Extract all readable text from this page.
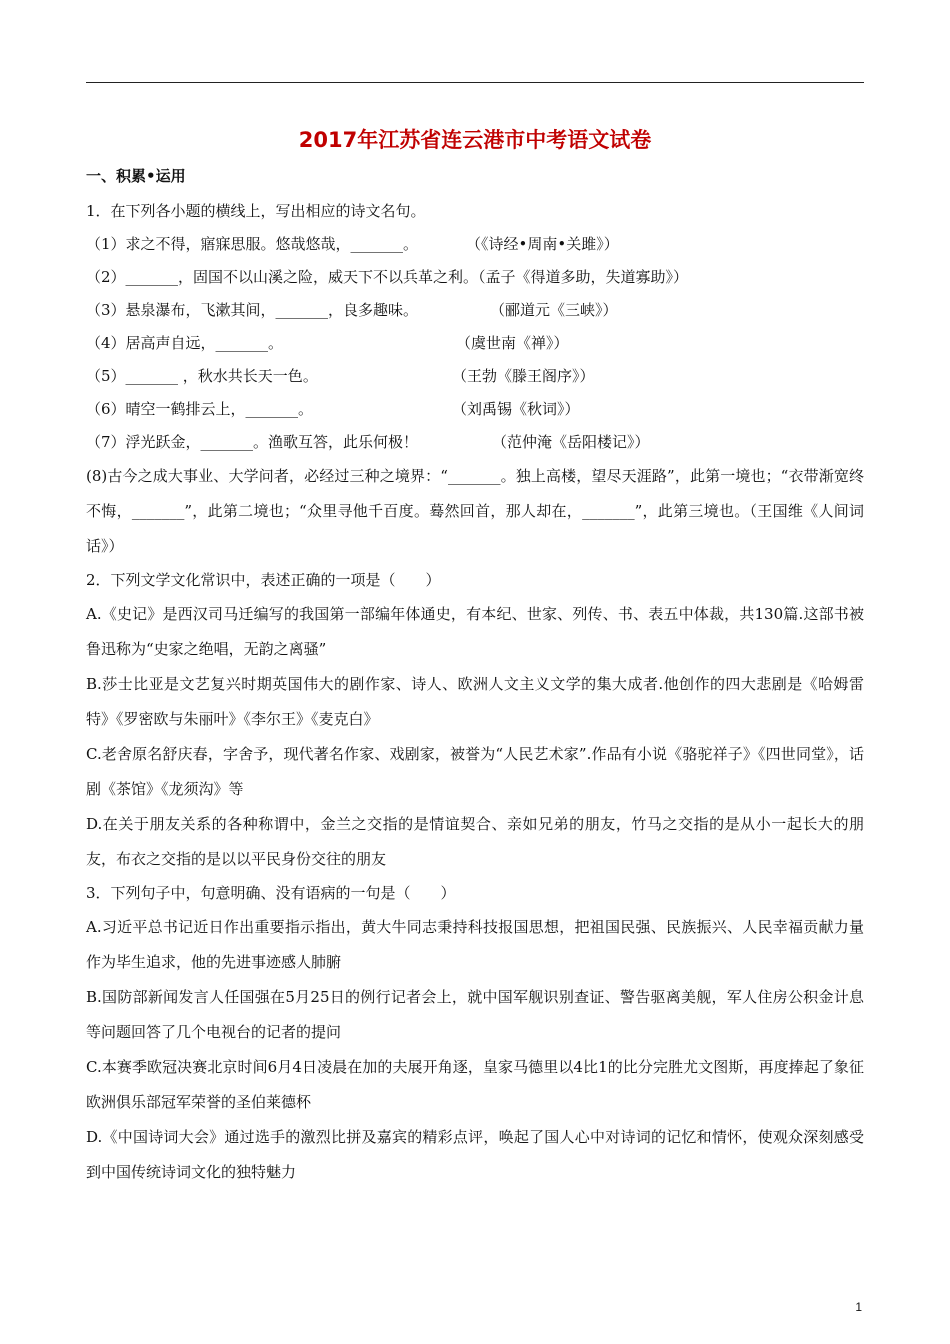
2017年江苏省连云港市中考语文试卷
一、积累•运用
1．在下列各小题的横线上，写出相应的诗文名句。
（1）求之不得，寤寐思服。悠哉悠哉，_______。	（《诗经•周南•关雎》）
（2）_______，固国不以山溪之险，威天下不以兵革之利。（孟子《得道多助，失道寡助》）
（3）悬泉瀑布，飞漱其间，_______，良多趣味。	（郦道元《三峡》）
（4）居高声自远，_______。	（虞世南《禅》）
（5）_______ ，秋水共长天一色。	（王勃《滕王阁序》）
（6）晴空一鹤排云上，_______。	（刘禹锡《秋词》）
（7）浮光跃金，_______。渔歌互答，此乐何极！	（范仲淹《岳阳楼记》）

(8)古今之成大事业、大学问者，必经过三种之境界：“_______。独上高楼，望尽天涯路”，此第一境也；“衣带渐宽终不悔，_______”，此第二境也；“众里寻他千百度。蓦然回首，那人却在，_______”，此第三境也。（王国维《人间词话》）

2．下列文学文化常识中，表述正确的一项是（　　）
A.《史记》是西汉司马迁编写的我国第一部编年体通史，有本纪、世家、列传、书、表五中体裁，共130篇.这部书被鲁迅称为“史家之绝唱，无韵之离骚”
B.莎士比亚是文艺复兴时期英国伟大的剧作家、诗人、欧洲人文主义文学的集大成者.他创作的四大悲剧是《哈姆雷特》《罗密欧与朱丽叶》《李尔王》《麦克白》
C.老舍原名舒庆春，字舍予，现代著名作家、戏剧家，被誉为“人民艺术家”.作品有小说《骆驼祥子》《四世同堂》，话剧《茶馆》《龙须沟》等
D.在关于朋友关系的各种称谓中，金兰之交指的是情谊契合、亲如兄弟的朋友，竹马之交指的是从小一起长大的朋友，布衣之交指的是以以平民身份交往的朋友
3．下列句子中，句意明确、没有语病的一句是（　　）
A.习近平总书记近日作出重要指示指出，黄大牛同志秉持科技报国思想，把祖国民强、民族振兴、人民幸福贡献力量作为毕生追求，他的先进事迹感人肺腑
B.国防部新闻发言人任国强在5月25日的例行记者会上，就中国军舰识别查证、警告驱离美舰，军人住房公积金计息等问题回答了几个电视台的记者的提问
C.本赛季欧冠决赛北京时间6月4日凌晨在加的夫展开角逐，皇家马德里以4比1的比分完胜尤文图斯，再度捧起了象征欧洲俱乐部冠军荣誉的圣伯莱德杯
D.《中国诗词大会》通过选手的激烈比拼及嘉宾的精彩点评，唤起了国人心中对诗词的记忆和情怀，使观众深刻感受到中国传统诗词文化的独特魅力
1
